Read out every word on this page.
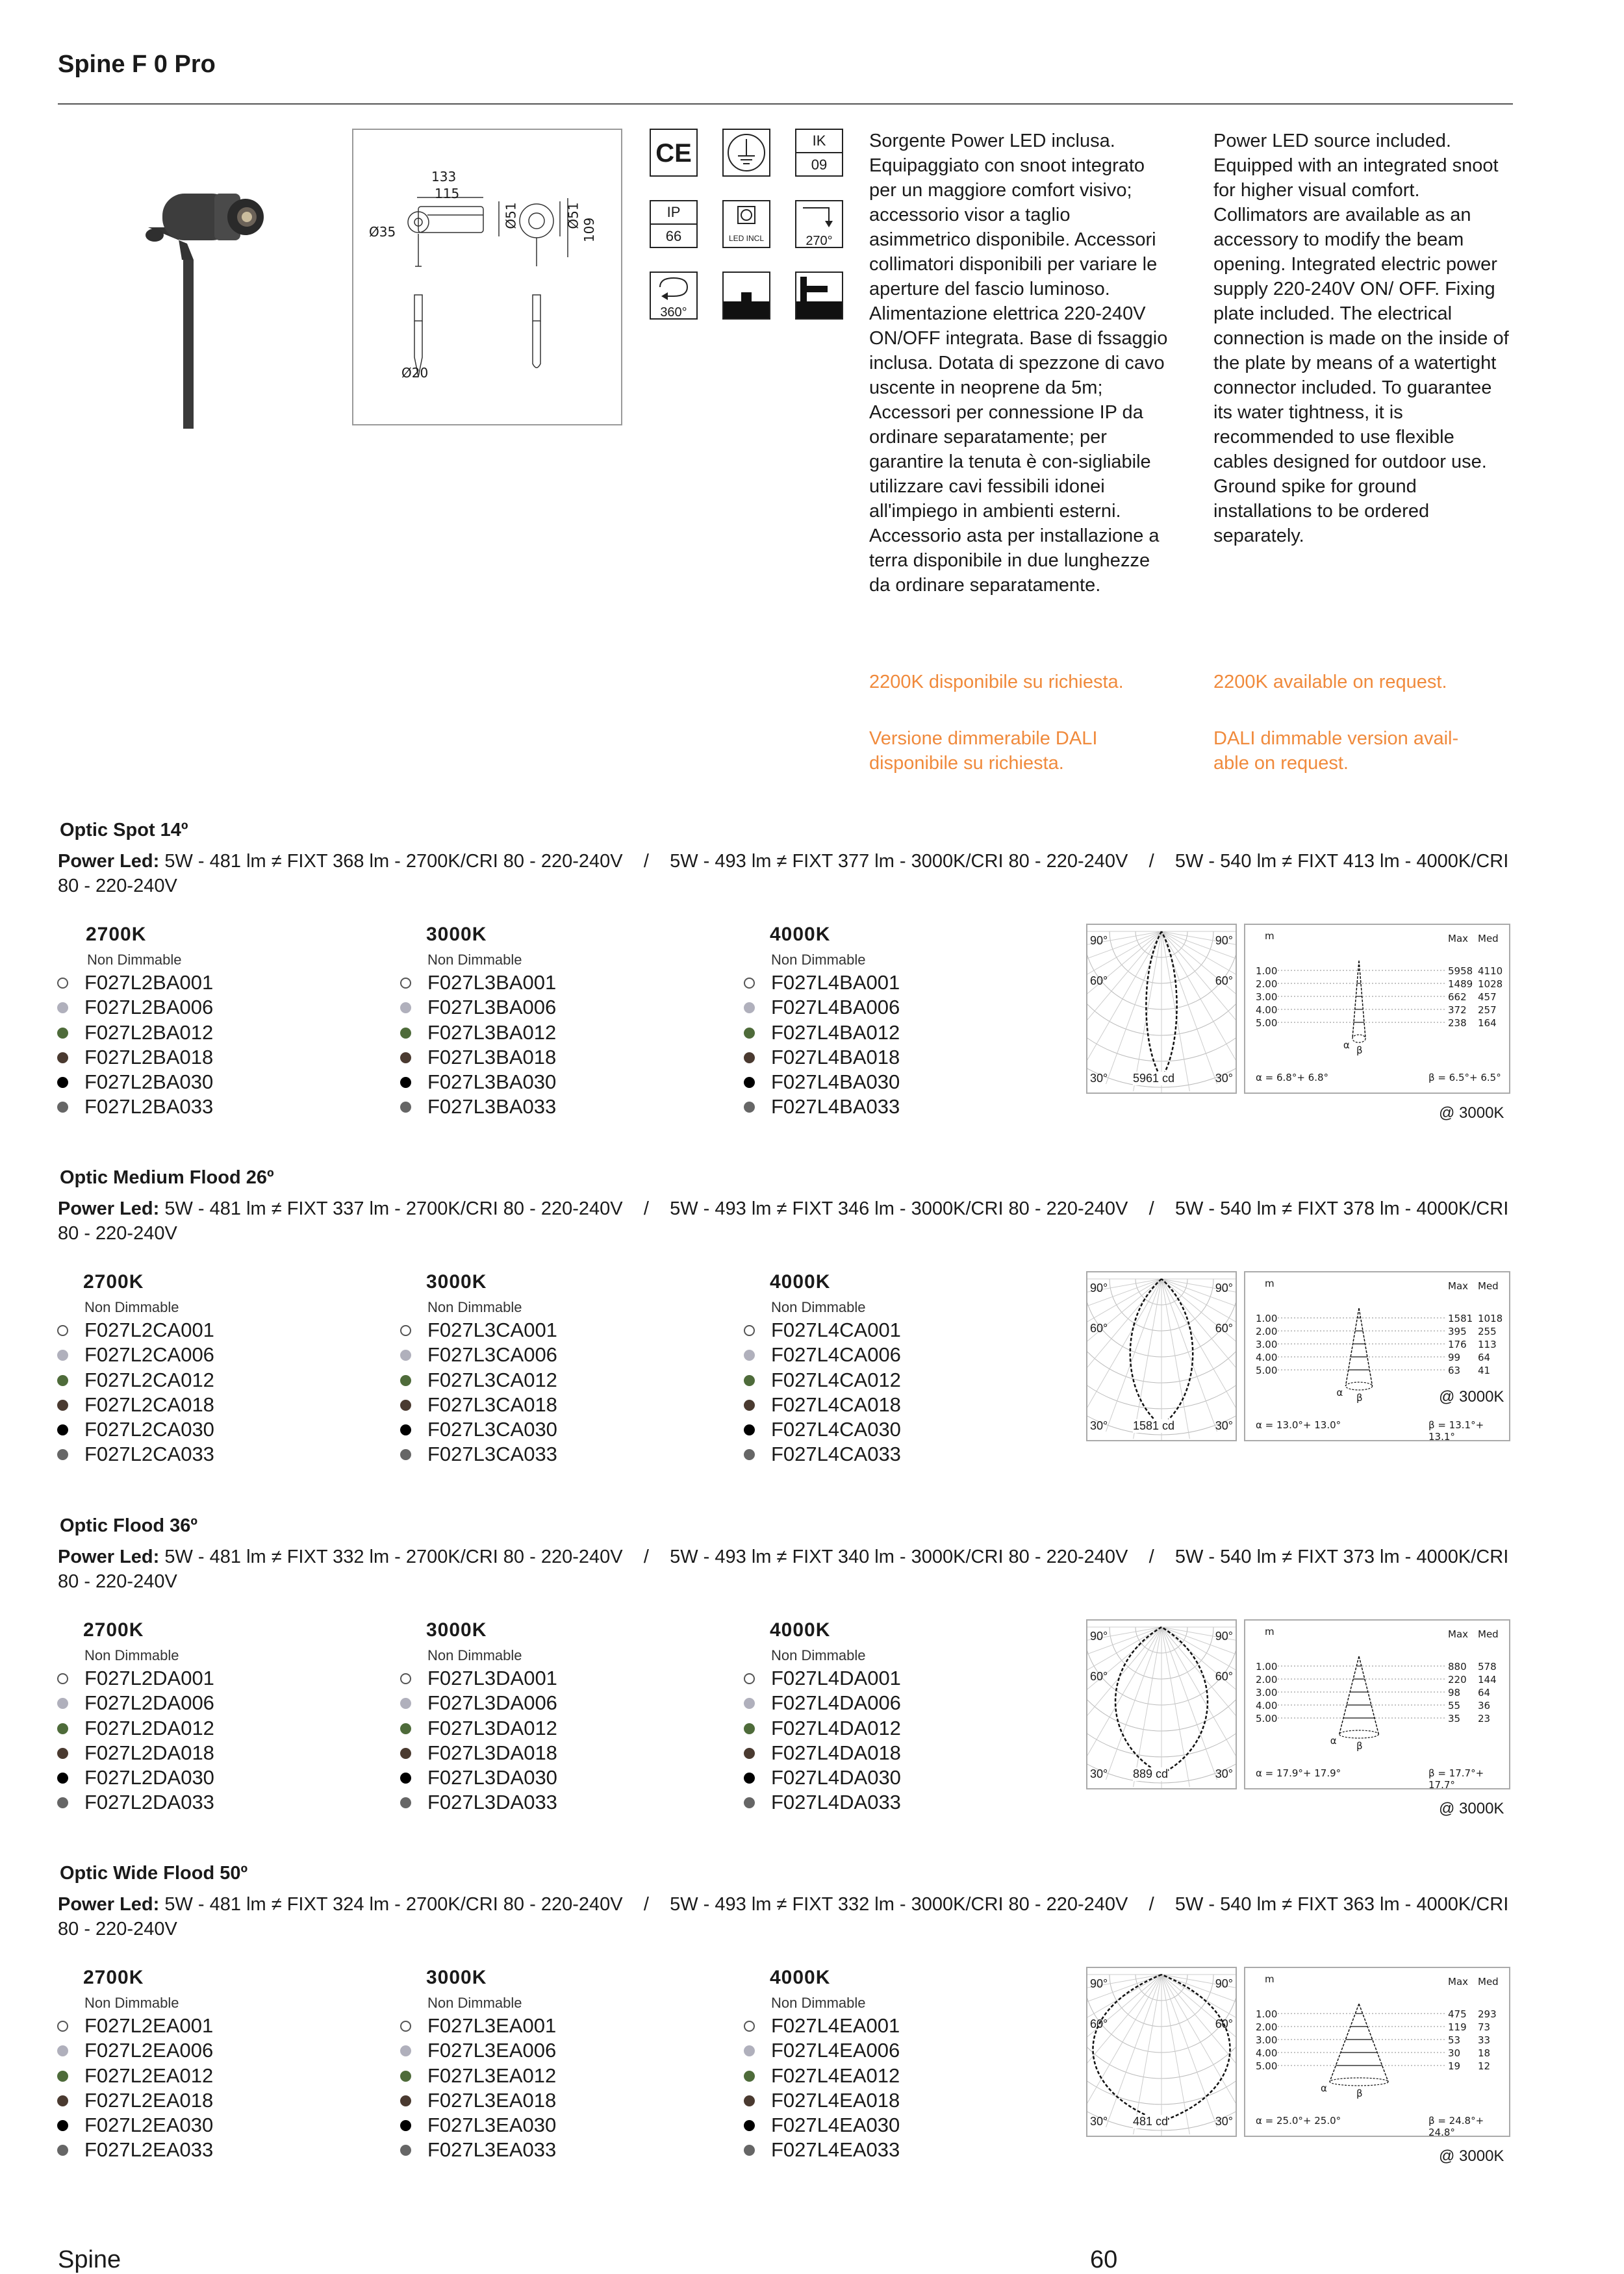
Spine F 0 Pro
133
115
Ø35
Ø51	Ø51
109
Ø20
CE	IK
09
IP
66	LED INCL	270°
360°
Sorgente Power LED inclusa. Equipaggiato con snoot integrato per un maggiore comfort visivo; accessorio visor a taglio asimmetrico disponibile. Accessori collimatori disponibili per variare le aperture del fascio luminoso. Alimentazione elettrica 220-240V ON/OFF integrata. Base di fssaggio inclusa. Dotata di spezzone di cavo uscente in neoprene da 5m; Accessori per connessione IP da ordinare separatamente; per garantire la tenuta è con-sigliabile utilizzare cavi fessibili idonei all'impiego in ambienti esterni. Accessorio asta per installazione a terra disponibile in due lunghezze da ordinare separatamente.
Power LED source included. Equipped with an integrated snoot for higher visual comfort. Collimators are available as an accessory to modify the beam opening. Integrated electric power supply 220-240V ON/ OFF. Fixing plate included. The electrical connection is made on the inside of the plate by means of a watertight connector included. To guarantee its water tightness, it is recommended to use flexible cables designed for outdoor use. Ground spike for ground installations to be ordered separately.
2200K disponibile su richiesta.	2200K available on request.
Versione dimmerabile DALI disponibile su richiesta.
DALI dimmable version avail-able on request.
Optic Spot 14º
Power Led: 5W - 481 lm ≠ FIXT 368 lm - 2700K/CRI 80 - 220-240V    /    5W - 493 lm ≠ FIXT 377 lm - 3000K/CRI 80 - 220-240V    /    5W - 540 lm ≠ FIXT 413 lm - 4000K/CRI 80 - 220-240V
2700K
Non Dimmable
F027L2BA001
F027L2BA006
F027L2BA012
F027L2BA018
F027L2BA030
F027L2BA033
3000K
Non Dimmable
F027L3BA001
F027L3BA006
F027L3BA012
F027L3BA018
F027L3BA030
F027L3BA033
4000K
Non Dimmable
F027L4BA001
F027L4BA006
F027L4BA012
F027L4BA018
F027L4BA030
F027L4BA033
90°	90°
60°	60°
30°	30°
5961 cd
m	Max Med
1.00	5958 4110
2.00	1489 1028
3.00	662 457
4.00	372 257
5.00	238 164
α β
α = 6.8°+ 6.8°	β = 6.5°+ 6.5°
@ 3000K
Optic Medium Flood 26º
Power Led: 5W - 481 lm ≠ FIXT 337 lm - 2700K/CRI 80 - 220-240V    /    5W - 493 lm ≠ FIXT 346 lm - 3000K/CRI 80 - 220-240V    /    5W - 540 lm ≠ FIXT 378 lm - 4000K/CRI 80 - 220-240V
2700K
Non Dimmable
F027L2CA001
F027L2CA006
F027L2CA012
F027L2CA018
F027L2CA030
F027L2CA033
3000K
Non Dimmable
F027L3CA001
F027L3CA006
F027L3CA012
F027L3CA018
F027L3CA030
F027L3CA033
4000K
Non Dimmable
F027L4CA001
F027L4CA006
F027L4CA012
F027L4CA018
F027L4CA030
F027L4CA033
90°	90°
60°	60°
30°	30°
1581 cd
m	Max Med
1.00	1581 1018
2.00	395 255
3.00	176 113
4.00	99 64
5.00	63 41
α β
α = 13.0°+ 13.0°	β = 13.1°+ 13.1°
@ 3000K
Optic Flood 36º
Power Led: 5W - 481 lm ≠ FIXT 332 lm - 2700K/CRI 80 - 220-240V    /    5W - 493 lm ≠ FIXT 340 lm - 3000K/CRI 80 - 220-240V    /    5W - 540 lm ≠ FIXT 373 lm - 4000K/CRI 80 - 220-240V
2700K
Non Dimmable
F027L2DA001
F027L2DA006
F027L2DA012
F027L2DA018
F027L2DA030
F027L2DA033
3000K
Non Dimmable
F027L3DA001
F027L3DA006
F027L3DA012
F027L3DA018
F027L3DA030
F027L3DA033
4000K
Non Dimmable
F027L4DA001
F027L4DA006
F027L4DA012
F027L4DA018
F027L4DA030
F027L4DA033
90°	90°
60°	60°
30°	30°
889 cd
m	Max Med
1.00	880 578
2.00	220 144
3.00	98 64
4.00	55 36
5.00	35 23
α β
α = 17.9°+ 17.9°	β = 17.7°+ 17.7°
@ 3000K
Optic Wide Flood 50º
Power Led: 5W - 481 lm ≠ FIXT 324 lm - 2700K/CRI 80 - 220-240V    /    5W - 493 lm ≠ FIXT 332 lm - 3000K/CRI 80 - 220-240V    /    5W - 540 lm ≠ FIXT 363 lm - 4000K/CRI 80 - 220-240V
2700K
Non Dimmable
F027L2EA001
F027L2EA006
F027L2EA012
F027L2EA018
F027L2EA030
F027L2EA033
3000K
Non Dimmable
F027L3EA001
F027L3EA006
F027L3EA012
F027L3EA018
F027L3EA030
F027L3EA033
4000K
Non Dimmable
F027L4EA001
F027L4EA006
F027L4EA012
F027L4EA018
F027L4EA030
F027L4EA033
90°	90°
60°	60°
30°	30°
481 cd
m	Max Med
1.00	475 293
2.00	119 73
3.00	53 33
4.00	30 18
5.00	19 12
α	β
α = 25.0°+ 25.0°	β = 24.8°+ 24.8°
@ 3000K
Spine	60
